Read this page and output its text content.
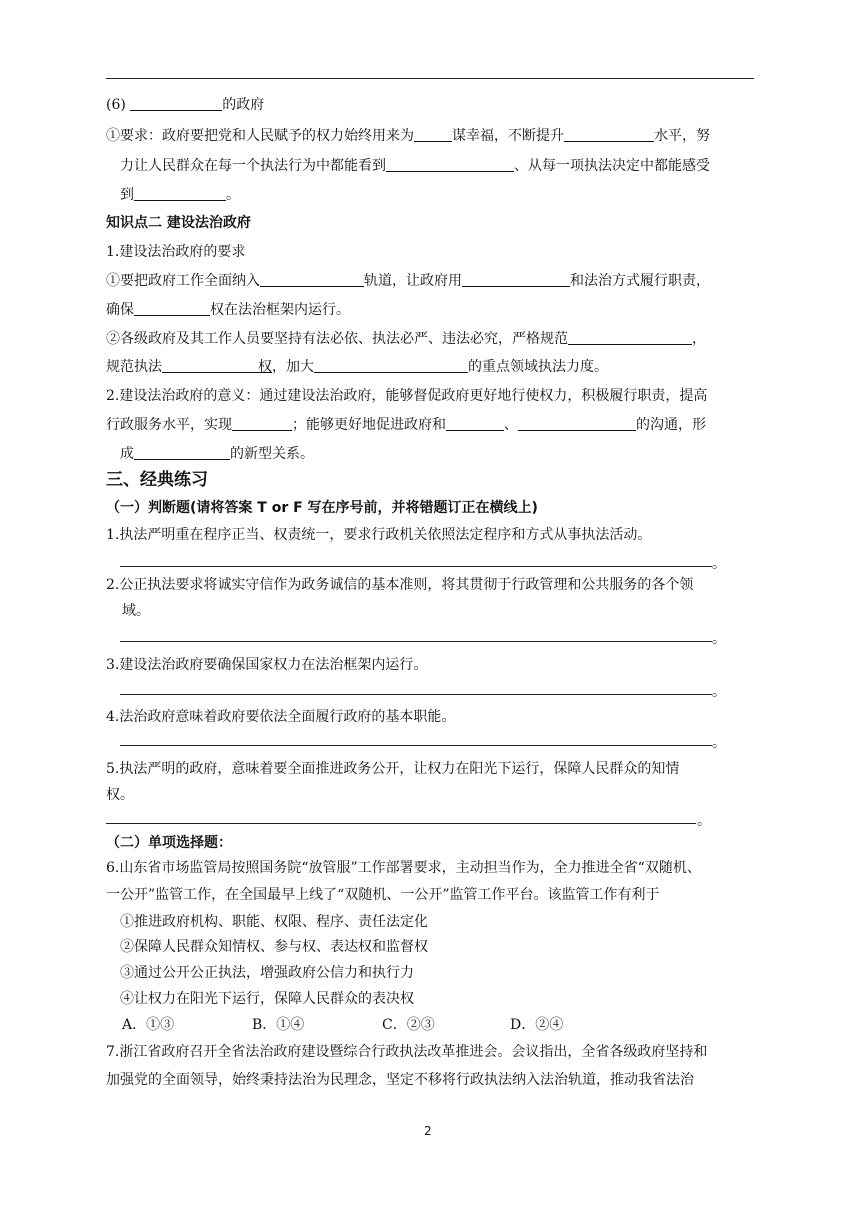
(6)	的政府
①要求：政府要把党和人民赋予的权力始终用来为	谋幸福，不断提升	水平，努
力让人民群众在每一个执法行为中都能看到	、从每一项执法决定中都能感受
到	。
知识点二 建设法治政府
1.建设法治政府的要求
①要把政府工作全面纳入	轨道，让政府用	和法治方式履行职责，
确保	权在法治框架内运行。
②各级政府及其工作人员要坚持有法必依、执法必严、违法必究，严格规范	，
规范执法	权，加大	的重点领域执法力度。
2.建设法治政府的意义：通过建设法治政府，能够督促政府更好地行使权力，积极履行职责，提高
行政服务水平，实现	；能够更好地促进政府和	、	的沟通，形
成	的新型关系。
三、经典练习
（一）判断题(请将答案 T or F 写在序号前，并将错题订正在横线上)
1.执法严明重在程序正当、权责统一，要求行政机关依照法定程序和方式从事执法活动。
。
2.公正执法要求将诚实守信作为政务诚信的基本准则，将其贯彻于行政管理和公共服务的各个领
域。
。
3.建设法治政府要确保国家权力在法治框架内运行。
。
4.法治政府意味着政府要依法全面履行政府的基本职能。
。
5.执法严明的政府，意味着要全面推进政务公开，让权力在阳光下运行，保障人民群众的知情
权。
。
（二）单项选择题：
6.山东省市场监管局按照国务院“放管服”工作部署要求，主动担当作为，全力推进全省“双随机、
一公开”监管工作，在全国最早上线了“双随机、一公开”监管工作平台。该监管工作有利于
①推进政府机构、职能、权限、程序、责任法定化
②保障人民群众知情权、参与权、表达权和监督权
③通过公开公正执法，增强政府公信力和执行力
④让权力在阳光下运行，保障人民群众的表决权
A．①③	B．①④	C．②③	D．②④
7.浙江省政府召开全省法治政府建设暨综合行政执法改革推进会。会议指出，全省各级政府坚持和
加强党的全面领导，始终秉持法治为民理念，坚定不移将行政执法纳入法治轨道，推动我省法治
2
